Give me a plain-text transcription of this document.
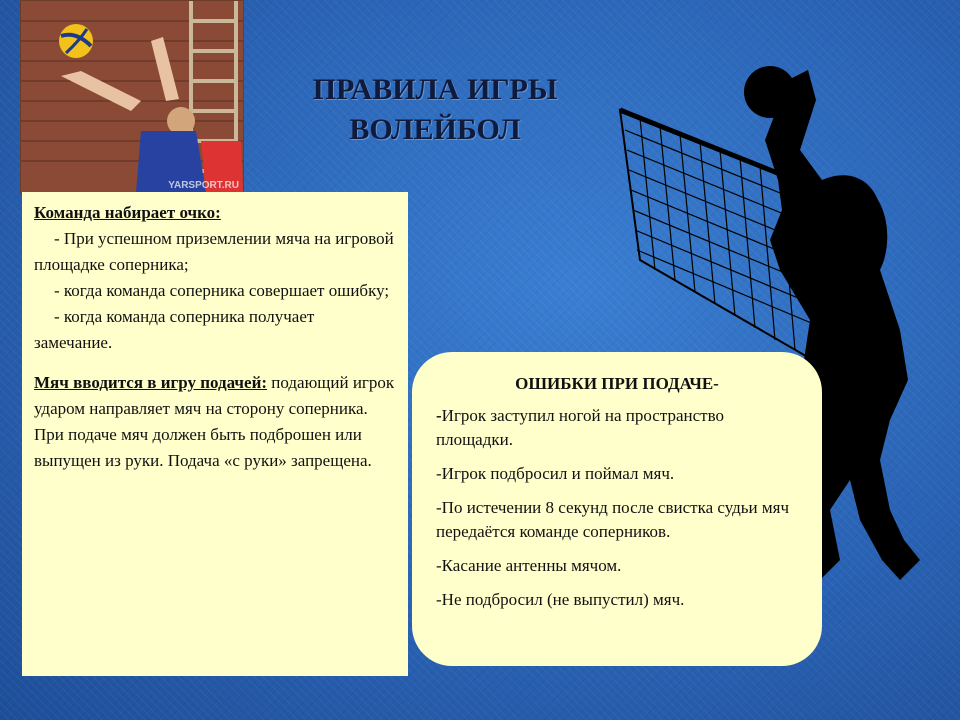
YARSPORT.RU
ПРАВИЛА ИГРЫ
ВОЛЕЙБОЛ

Команда набирает очко:

- При успешном приземлении мяча на игровой площадке соперника;

- когда команда соперника совершает ошибку;

- когда команда соперника получает замечание.

Мяч вводится в игру подачей: подающий игрок ударом направляет мяч на сторону соперника. При подаче мяч должен быть подброшен или выпущен из руки. Подача «с руки» запрещена.

ОШИБКИ ПРИ ПОДАЧЕ-

-Игрок заступил ногой на пространство площадки.

-Игрок подбросил и поймал мяч.

-По истечении 8 секунд после свистка судьи мяч передаётся команде соперников.

-Касание антенны мячом.

-Не подбросил (не выпустил) мяч.
